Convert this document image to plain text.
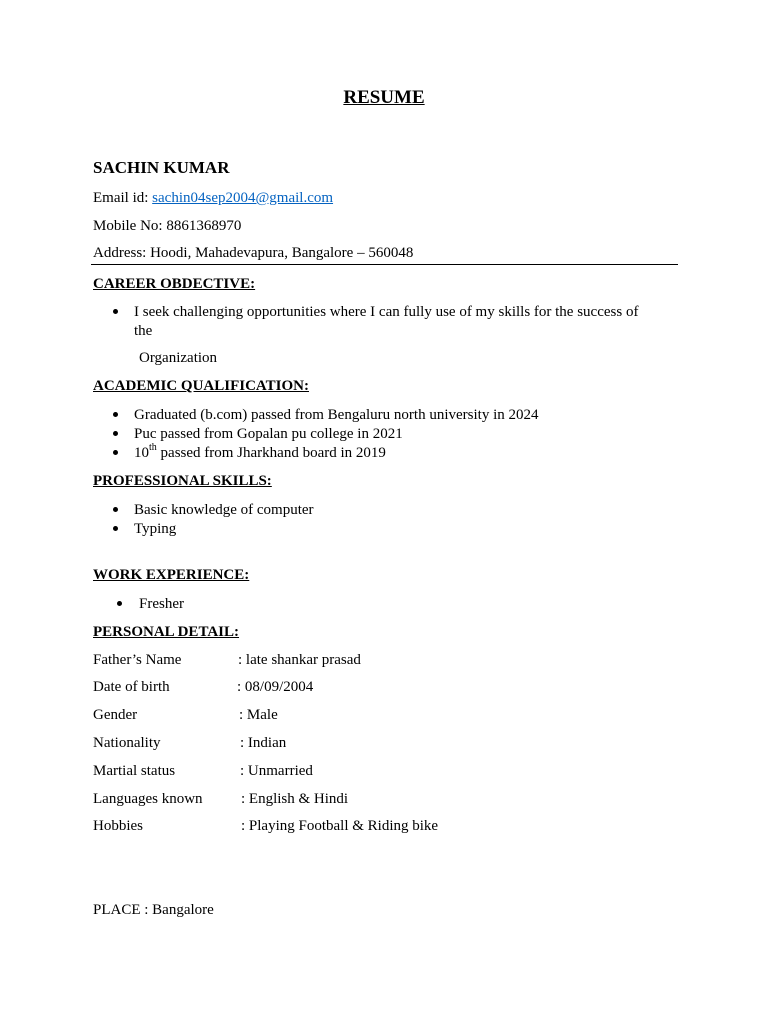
RESUME
SACHIN KUMAR
Email id: sachin04sep2004@gmail.com
Mobile No: 8861368970
Address: Hoodi, Mahadevapura, Bangalore – 560048
CAREER OBDECTIVE:
I seek challenging opportunities where I can fully use of my skills for the success of
the
Organization
ACADEMIC QUALIFICATION:
Graduated (b.com) passed from Bengaluru north university in 2024
Puc passed from Gopalan pu college in 2021
10th passed from Jharkhand board in 2019
PROFESSIONAL SKILLS:
Basic knowledge of computer
Typing
WORK EXPERIENCE:
Fresher
PERSONAL DETAIL:
Father’s Name	: late shankar prasad
Date of birth	: 08/09/2004
Gender	: Male
Nationality	: Indian
Martial status	: Unmarried
Languages known	: English & Hindi
Hobbies	: Playing Football & Riding bike
PLACE : Bangalore
